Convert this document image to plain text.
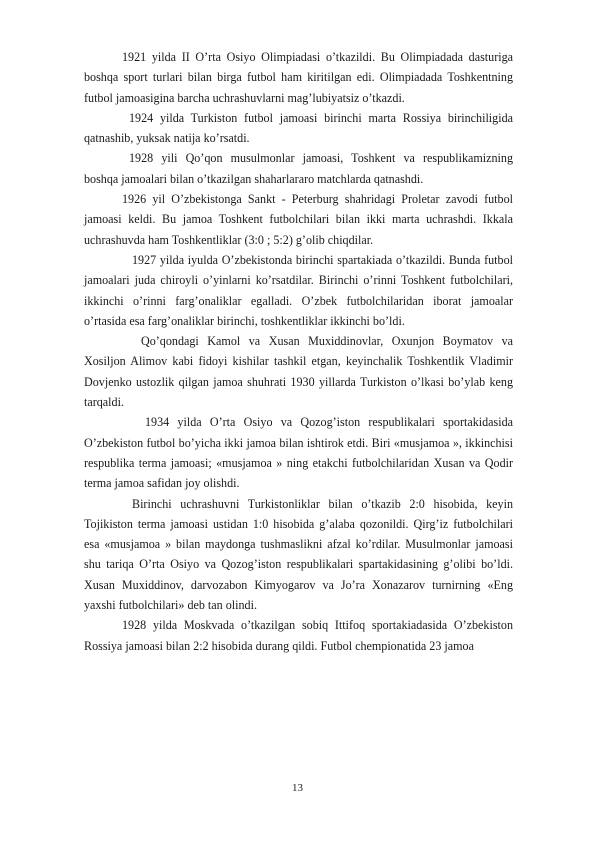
1921 yilda II O’rta Osiyo Olimpiadasi o’tkazildi. Bu Olimpiadada dasturiga boshqa sport turlari bilan birga futbol ham kiritilgan edi. Olimpiadada Toshkentning futbol jamoasigina barcha uchrashuvlarni mag’lubiyatsiz o’tkazdi.

1924 yilda Turkiston futbol jamoasi birinchi marta Rossiya birinchiligida qatnashib, yuksak natija ko’rsatdi.

1928 yili Qo’qon musulmonlar jamoasi, Toshkent va respublikamizning boshqa jamoalari bilan o’tkazilgan shaharlararo matchlarda qatnashdi.

1926 yil O’zbekistonga Sankt - Peterburg shahridagi Proletar zavodi futbol jamoasi keldi. Bu jamoa Toshkent futbolchilari bilan ikki marta uchrashdi. Ikkala uchrashuvda ham Toshkentliklar (3:0 ; 5:2) g’olib chiqdilar.

1927 yilda iyulda O’zbekistonda birinchi spartakiada o’tkazildi. Bunda futbol jamoalari juda chiroyli o’yinlarni ko’rsatdilar. Birinchi o’rinni Toshkent futbolchilari, ikkinchi o’rinni farg’onaliklar egalladi. O’zbek futbolchilaridan iborat jamoalar o’rtasida esa farg’onaliklar birinchi, toshkentliklar ikkinchi bo’ldi.

Qo’qondagi Kamol va Xusan Muxiddinovlar, Oxunjon Boymatov va Xosiljon Alimov kabi fidoyi kishilar tashkil etgan, keyinchalik Toshkentlik Vladimir Dovjenko ustozlik qilgan jamoa shuhrati 1930 yillarda Turkiston o’lkasi bo’ylab keng tarqaldi.

1934 yilda O’rta Osiyo va Qozog’iston respublikalari sportakidasida O’zbekiston futbol bo’yicha ikki jamoa bilan ishtirok etdi. Biri «musjamoa », ikkinchisi respublika terma jamoasi; «musjamoa » ning etakchi futbolchilaridan Xusan va Qodir terma jamoa safidan joy olishdi.

Birinchi uchrashuvni Turkistonliklar bilan o’tkazib 2:0 hisobida, keyin Tojikiston terma jamoasi ustidan 1:0 hisobida g’alaba qozonildi. Qirg’iz futbolchilari esa «musjamoa » bilan maydonga tushmaslikni afzal ko’rdilar. Musulmonlar jamoasi shu tariqa O’rta Osiyo va Qozog’iston respublikalari spartakidasining g’olibi bo’ldi. Xusan Muxiddinov, darvozabon Kimyogarov va Jo’ra Xonazarov turnirning «Eng yaxshi futbolchilari» deb tan olindi.

1928 yilda Moskvada o’tkazilgan sobiq Ittifoq sportakiadasida O’zbekiston Rossiya jamoasi bilan 2:2 hisobida durang qildi. Futbol chempionatida 23 jamoa

13
